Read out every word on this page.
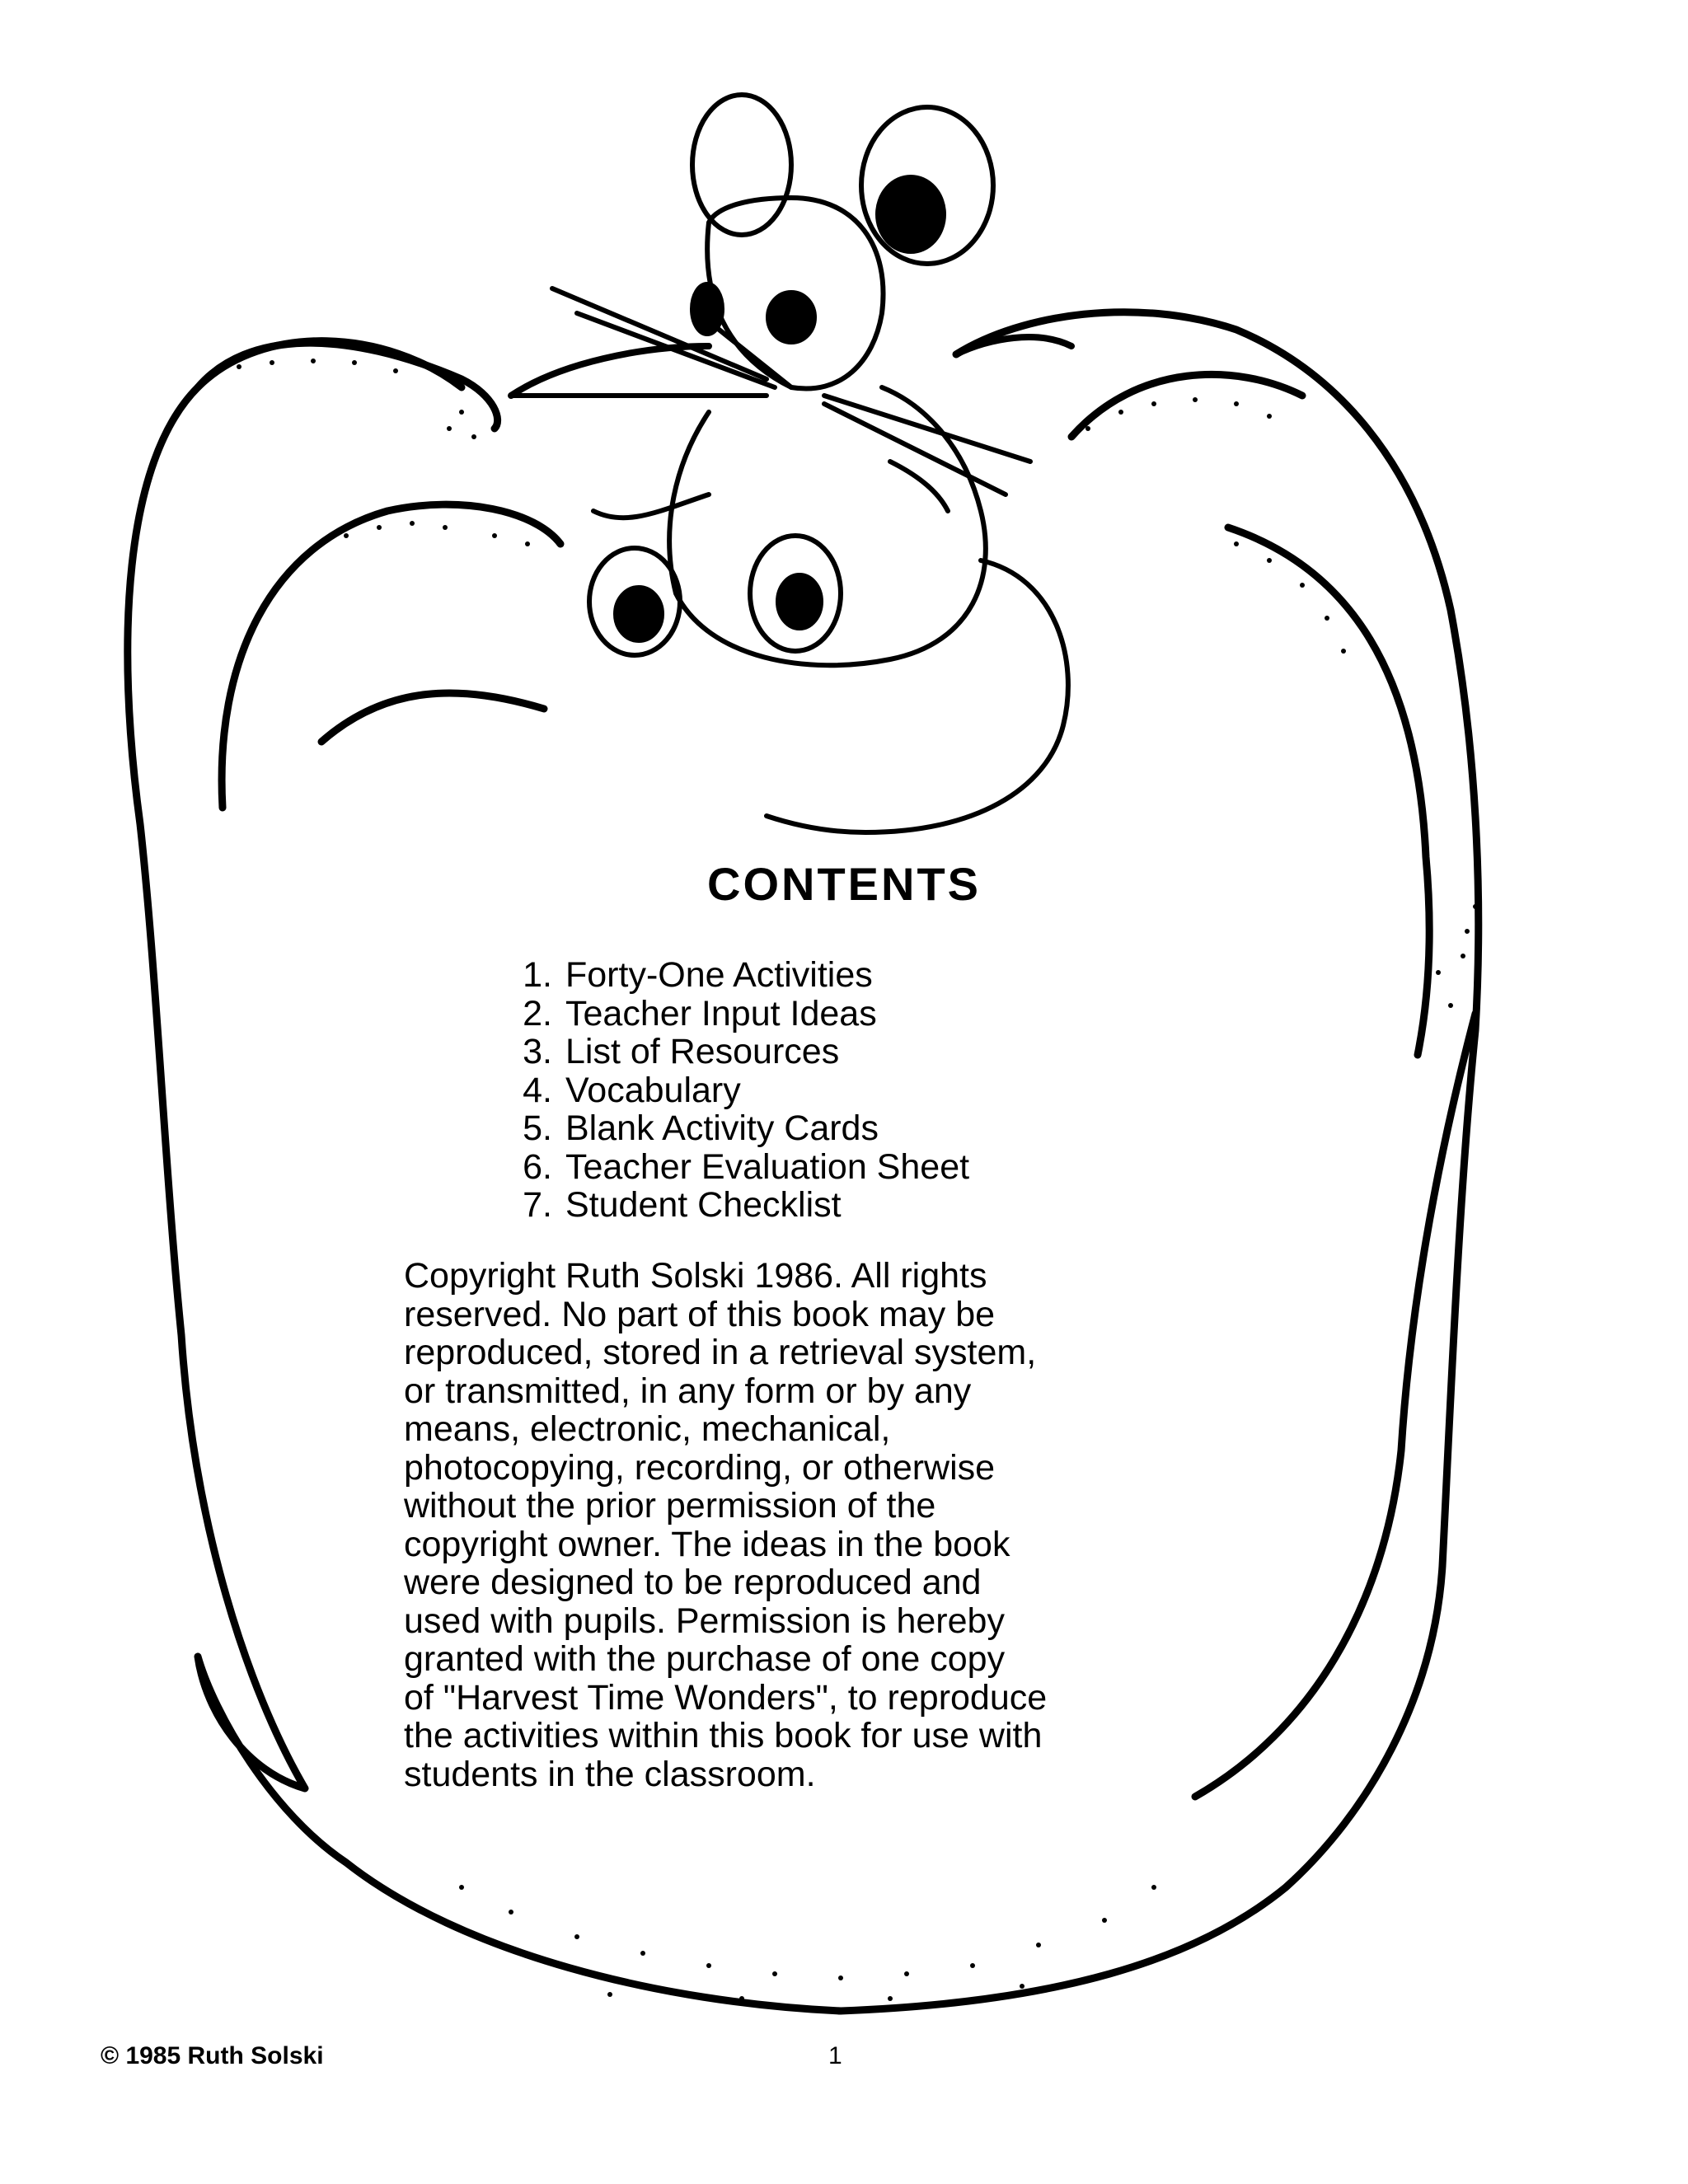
CONTENTS
1. Forty-One Activities
2. Teacher Input Ideas
3. List of Resources
4. Vocabulary
5. Blank Activity Cards
6. Teacher Evaluation Sheet
7. Student Checklist
Copyright Ruth Solski 1986. All rights
reserved. No part of this book may be
reproduced, stored in a retrieval system,
or transmitted, in any form or by any
means, electronic, mechanical,
photocopying, recording, or otherwise
without the prior permission of the
copyright owner. The ideas in the book
were designed to be reproduced and
used with pupils. Permission is hereby
granted with the purchase of one copy
of "Harvest Time Wonders", to reproduce
the activities within this book for use with
students in the classroom.
© 1985 Ruth Solski	1
